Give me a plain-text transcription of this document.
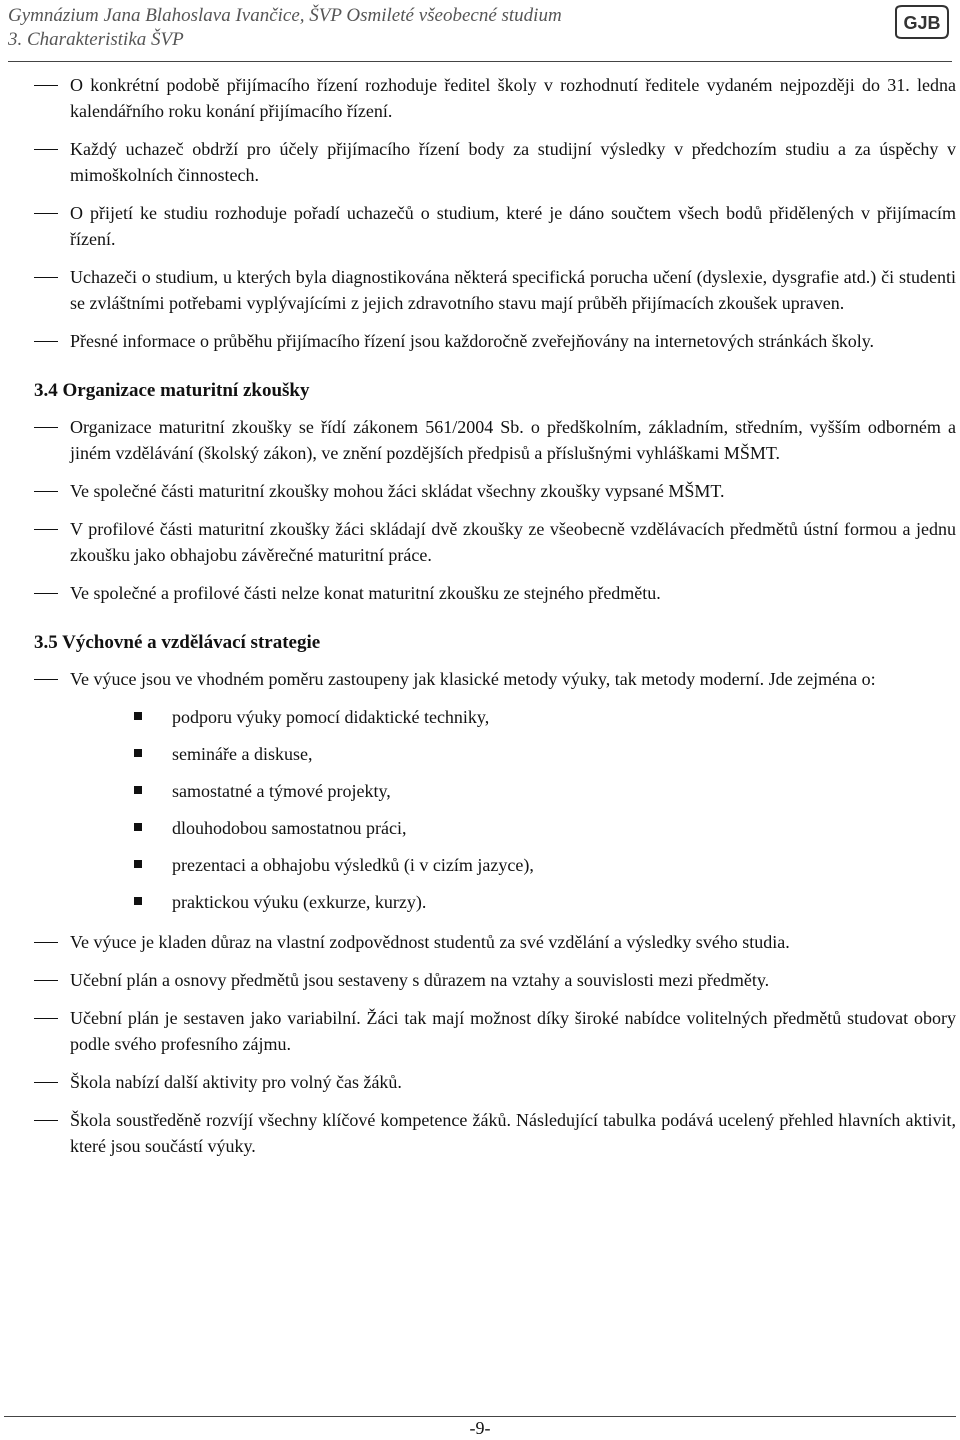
Gymnázium Jana Blahoslava Ivančice, ŠVP Osmileté všeobecné studium
3. Charakteristika ŠVP
GJB
O konkrétní podobě přijímacího řízení rozhoduje ředitel školy v rozhodnutí ředitele vydaném nejpozději do 31. ledna kalendářního roku konání přijímacího řízení.
Každý uchazeč obdrží pro účely přijímacího řízení body za studijní výsledky v předchozím studiu a za úspěchy v mimoškolních činnostech.
O přijetí ke studiu rozhoduje pořadí uchazečů o studium, které je dáno součtem všech bodů přidělených v přijímacím řízení.
Uchazeči o studium, u kterých byla diagnostikována některá specifická porucha učení (dyslexie, dysgrafie atd.) či studenti se zvláštními potřebami vyplývajícími z jejich zdravotního stavu mají průběh přijímacích zkoušek upraven.
Přesné informace o průběhu přijímacího řízení jsou každoročně zveřejňovány na internetových stránkách školy.
3.4 Organizace maturitní zkoušky
Organizace maturitní zkoušky se řídí zákonem 561/2004 Sb. o předškolním, základním, středním, vyšším odborném a jiném vzdělávání (školský zákon), ve znění pozdějších předpisů a příslušnými vyhláškami MŠMT.
Ve společné části maturitní zkoušky mohou žáci skládat všechny zkoušky vypsané MŠMT.
V profilové části maturitní zkoušky žáci skládají dvě zkoušky ze všeobecně vzdělávacích předmětů ústní formou a jednu zkoušku jako obhajobu závěrečné maturitní práce.
Ve společné a profilové části nelze konat maturitní zkoušku ze stejného předmětu.
3.5 Výchovné a vzdělávací strategie
Ve výuce jsou ve vhodném poměru zastoupeny jak klasické metody výuky, tak metody moderní. Jde zejména o:
podporu výuky pomocí didaktické techniky,
semináře a diskuse,
samostatné a týmové projekty,
dlouhodobou samostatnou práci,
prezentaci a obhajobu výsledků (i v cizím jazyce),
praktickou výuku (exkurze, kurzy).
Ve výuce je kladen důraz na vlastní zodpovědnost studentů za své vzdělání a výsledky svého studia.
Učební plán a osnovy předmětů jsou sestaveny s důrazem na vztahy a souvislosti mezi předměty.
Učební plán je sestaven jako variabilní. Žáci tak mají možnost díky široké nabídce volitelných předmětů studovat obory podle svého profesního zájmu.
Škola nabízí další aktivity pro volný čas žáků.
Škola soustředěně rozvíjí všechny klíčové kompetence žáků. Následující tabulka podává ucelený přehled hlavních aktivit, které jsou součástí výuky.
-9-
